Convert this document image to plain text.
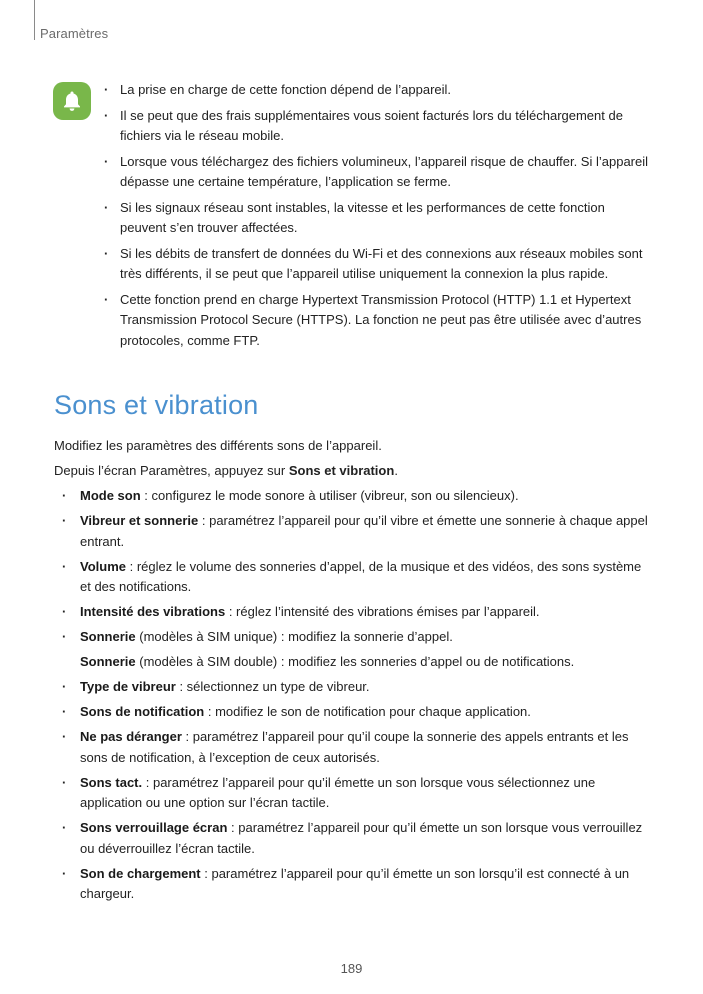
Paramètres
· La prise en charge de cette fonction dépend de l’appareil.
· Il se peut que des frais supplémentaires vous soient facturés lors du téléchargement de fichiers via le réseau mobile.
· Lorsque vous téléchargez des fichiers volumineux, l’appareil risque de chauffer. Si l’appareil dépasse une certaine température, l’application se ferme.
· Si les signaux réseau sont instables, la vitesse et les performances de cette fonction peuvent s’en trouver affectées.
· Si les débits de transfert de données du Wi-Fi et des connexions aux réseaux mobiles sont très différents, il se peut que l’appareil utilise uniquement la connexion la plus rapide.
· Cette fonction prend en charge Hypertext Transmission Protocol (HTTP) 1.1 et Hypertext Transmission Protocol Secure (HTTPS). La fonction ne peut pas être utilisée avec d’autres protocoles, comme FTP.
Sons et vibration

Modifiez les paramètres des différents sons de l’appareil.

Depuis l’écran Paramètres, appuyez sur Sons et vibration.

· Mode son : configurez le mode sonore à utiliser (vibreur, son ou silencieux).
· Vibreur et sonnerie : paramétrez l’appareil pour qu’il vibre et émette une sonnerie à chaque appel entrant.
· Volume : réglez le volume des sonneries d’appel, de la musique et des vidéos, des sons système et des notifications.
· Intensité des vibrations : réglez l’intensité des vibrations émises par l’appareil.
· Sonnerie (modèles à SIM unique) : modifiez la sonnerie d’appel.
Sonnerie (modèles à SIM double) : modifiez les sonneries d’appel ou de notifications.
· Type de vibreur : sélectionnez un type de vibreur.
· Sons de notification : modifiez le son de notification pour chaque application.
· Ne pas déranger : paramétrez l’appareil pour qu’il coupe la sonnerie des appels entrants et les sons de notification, à l’exception de ceux autorisés.
· Sons tact. : paramétrez l’appareil pour qu’il émette un son lorsque vous sélectionnez une application ou une option sur l’écran tactile.
· Sons verrouillage écran : paramétrez l’appareil pour qu’il émette un son lorsque vous verrouillez ou déverrouillez l’écran tactile.
· Son de chargement : paramétrez l’appareil pour qu’il émette un son lorsqu’il est connecté à un chargeur.
189
